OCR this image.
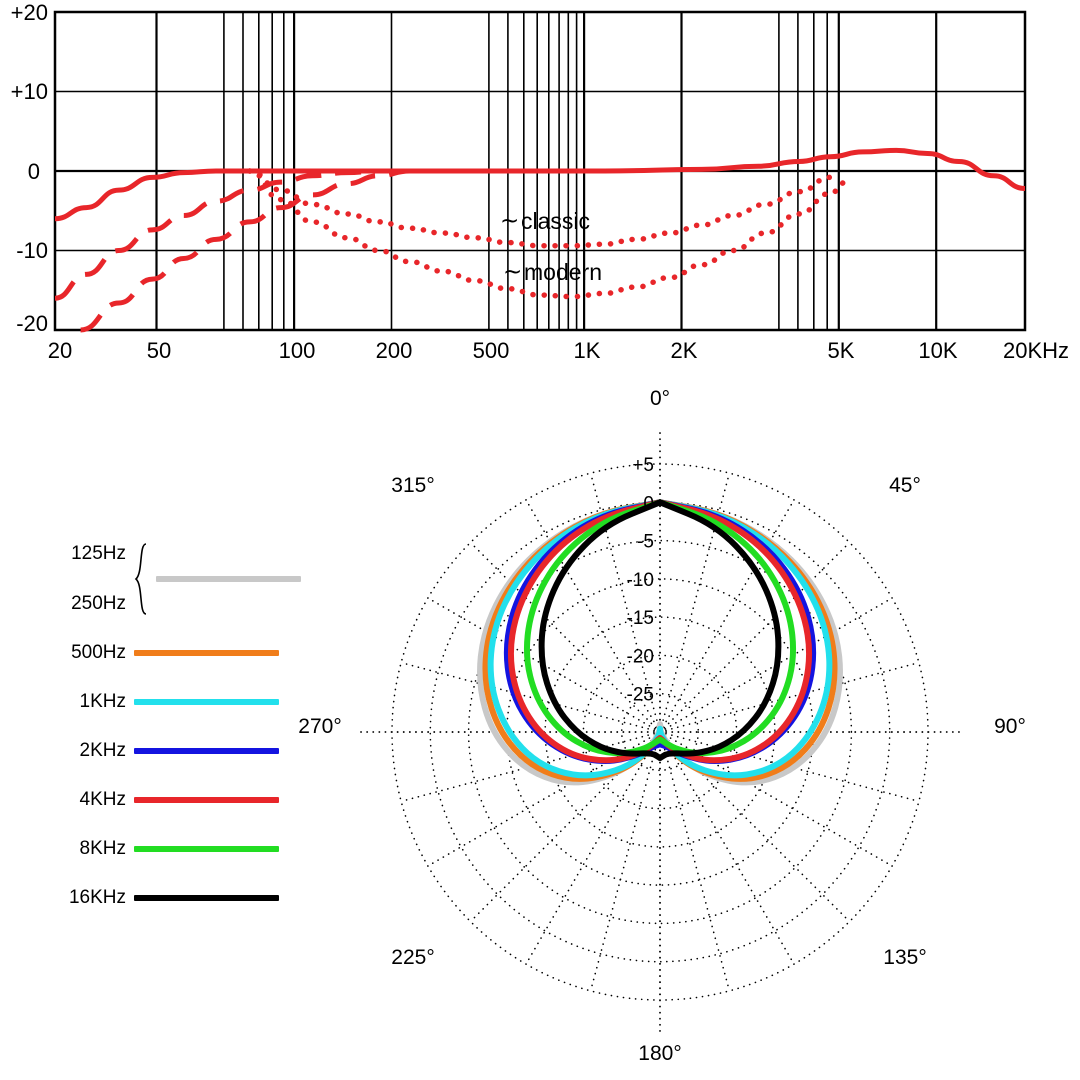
+20
+10
0
-10
-20
20	50	100	200	500	1K	2K	5K	10K 20KHz
∼ classic
∼ modern
125Hz
250Hz
500Hz
1KHz
2KHz
4KHz
8KHz
16KHz
0°
45°
90°
135°
180°
225°
270°
315°
+5
0
-5
-10
-15
-20
-25
